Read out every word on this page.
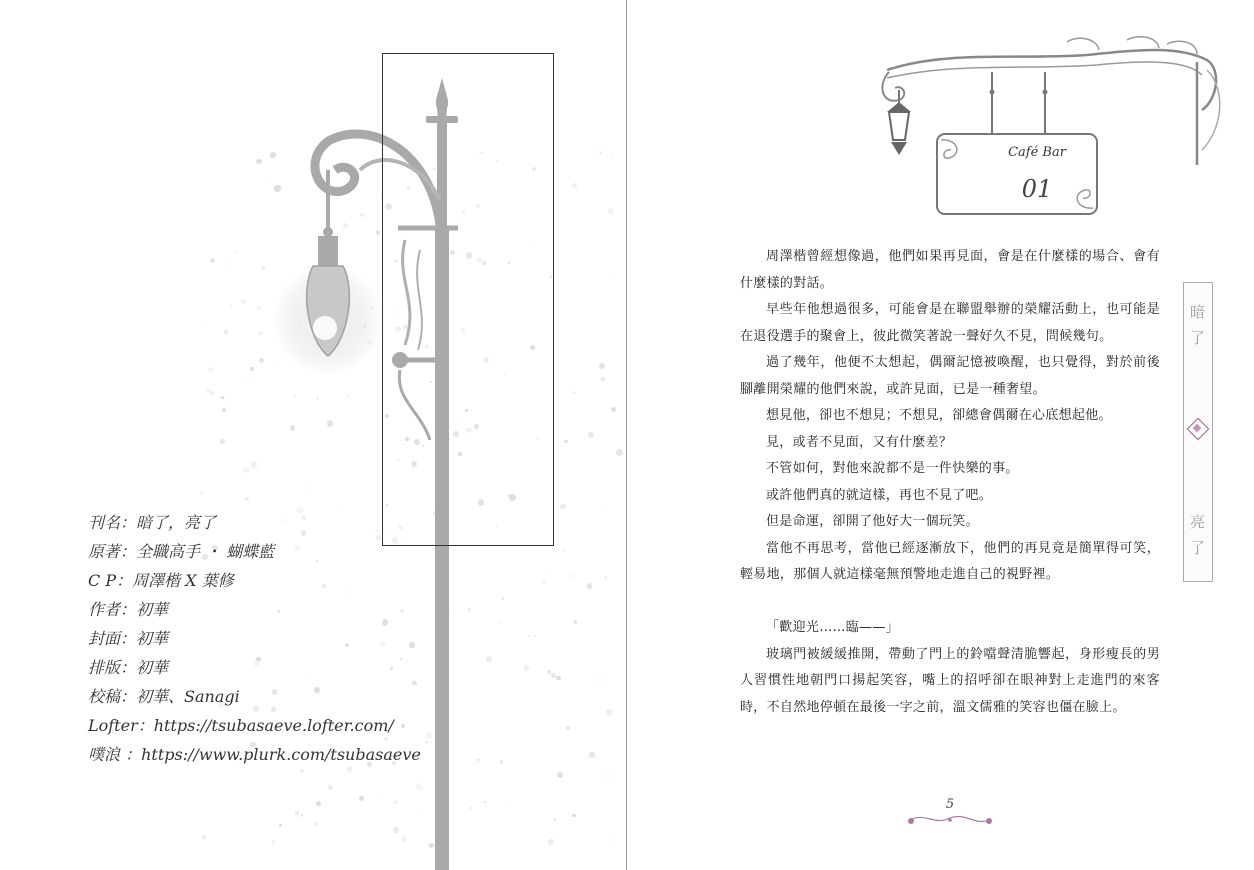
刊名：暗了，亮了
原著：全職高手 ・ 蝴蝶藍
C P：周澤楷 X 葉修
作者：初華
封面：初華
排版：初華
校稿：初華、Sanagi
Lofter：https://tsubasaeve.lofter.com/
噗浪 ：https://www.plurk.com/tsubasaeve
Café Bar
01

周澤楷曾經想像過，他們如果再見面，會是在什麼樣的場合、會有什麼樣的對話。

早些年他想過很多，可能會是在聯盟舉辦的榮耀活動上，也可能是在退役選手的聚會上，彼此微笑著說一聲好久不見，問候幾句。

過了幾年，他便不太想起，偶爾記憶被喚醒，也只覺得，對於前後腳離開榮耀的他們來說，或許見面，已是一種奢望。

想見他，卻也不想見；不想見，卻總會偶爾在心底想起他。

見，或者不見面，又有什麼差？

不管如何，對他來說都不是一件快樂的事。

或許他們真的就這樣，再也不見了吧。

但是命運，卻開了他好大一個玩笑。

當他不再思考，當他已經逐漸放下，他們的再見竟是簡單得可笑，輕易地，那個人就這樣毫無預警地走進自己的視野裡。

「歡迎光……臨——」

玻璃門被緩緩推開，帶動了門上的鈴噹聲清脆響起，身形瘦長的男人習慣性地朝門口揚起笑容，嘴上的招呼卻在眼神對上走進門的來客時，不自然地停頓在最後一字之前，溫文儒雅的笑容也僵在臉上。

暗
了
亮
了
5
